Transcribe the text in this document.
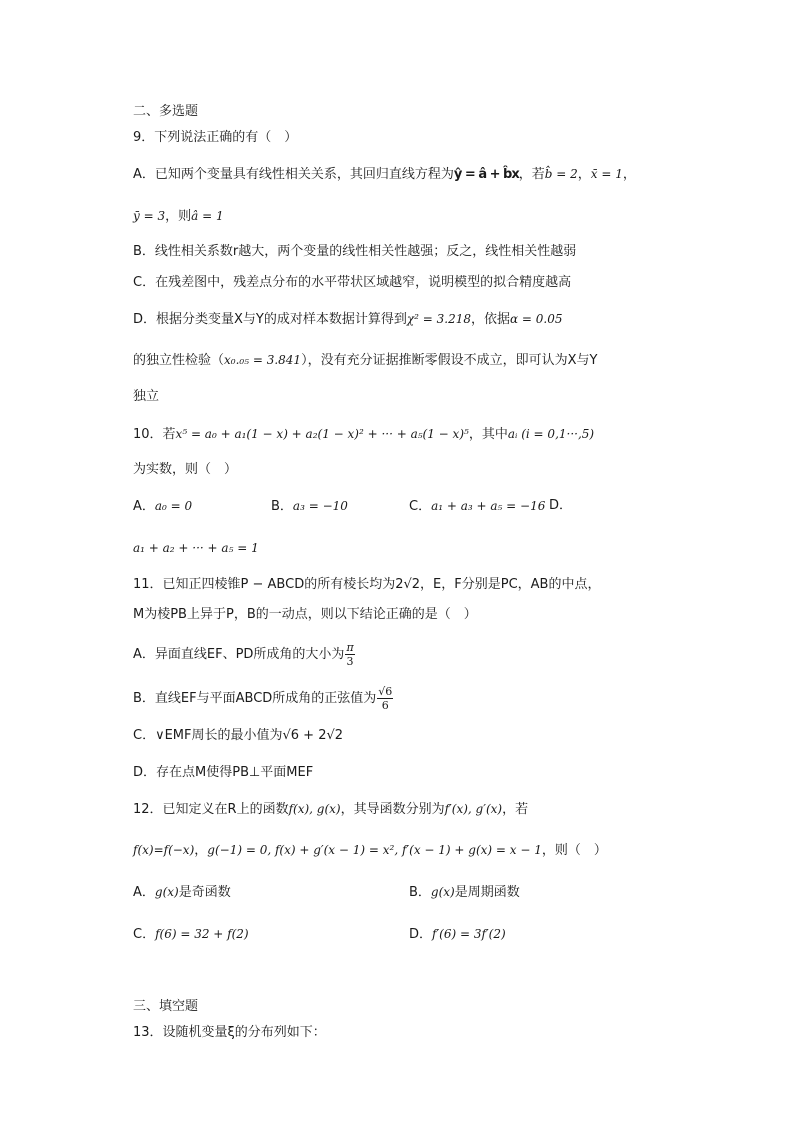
二、多选题
9．下列说法正确的有（　）
A．已知两个变量具有线性相关关系，其回归直线方程为ŷ = â + b̂x，若b̂ = 2，x̄ = 1，
ȳ = 3，则â = 1
B．线性相关系数r越大，两个变量的线性相关性越强；反之，线性相关性越弱
C．在残差图中，残差点分布的水平带状区域越窄，说明模型的拟合精度越高
D．根据分类变量X与Y的成对样本数据计算得到χ² = 3.218，依据α = 0.05
的独立性检验（x₀.₀₅ = 3.841），没有充分证据推断零假设不成立，即可认为X与Y
独立
10．若x⁵ = a₀ + a₁(1 − x) + a₂(1 − x)² + ··· + a₅(1 − x)⁵，其中aᵢ (i = 0,1···,5)
为实数，则（　）
A．a₀ = 0	B．a₃ = −10	C．a₁ + a₃ + a₅ = −16 D．
a₁ + a₂ + ··· + a₅ = 1
11．已知正四棱锥P − ABCD的所有棱长均为2√2，E，F分别是PC，AB的中点，
M为棱PB上异于P，B的一动点，则以下结论正确的是（　）
A．异面直线EF、PD所成角的大小为 $\frac{\pi}{3}$
B．直线EF与平面ABCD所成角的正弦值为 $\frac{√6}{6}$
C．∨EMF周长的最小值为√6 + 2√2
D．存在点M使得PB⊥平面MEF
12．已知定义在R上的函数f(x), g(x)，其导函数分别为f′(x), g′(x)，若
f(x)=f(−x)，g(−1) = 0, f(x) + g′(x − 1) = x², f′(x − 1) + g(x) = x − 1，则（　）
A．g(x)是奇函数	B．g(x)是周期函数
C．f(6) = 32 + f(2)	D．f′(6) = 3f′(2)
三、填空题
13．设随机变量ξ的分布列如下：
